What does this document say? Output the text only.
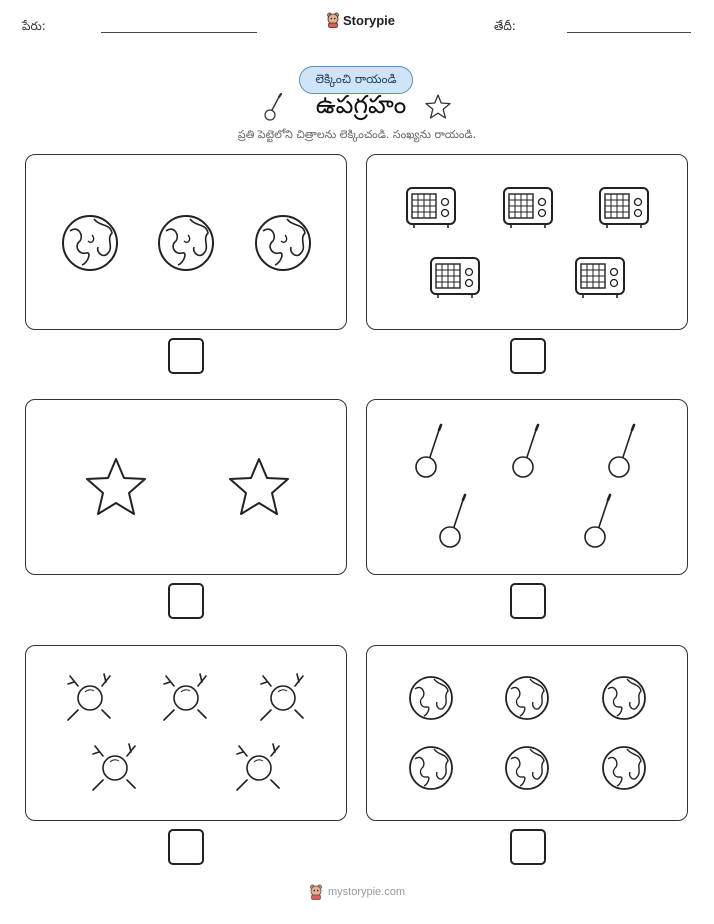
పేరు:	Storypie	తేదీ:
లెక్కించి రాయండి
ఉపగ్రహం
ప్రతి పెట్టెలోని చిత్రాలను లెక్కించండి. సంఖ్యను రాయండి.
mystorypie.com
